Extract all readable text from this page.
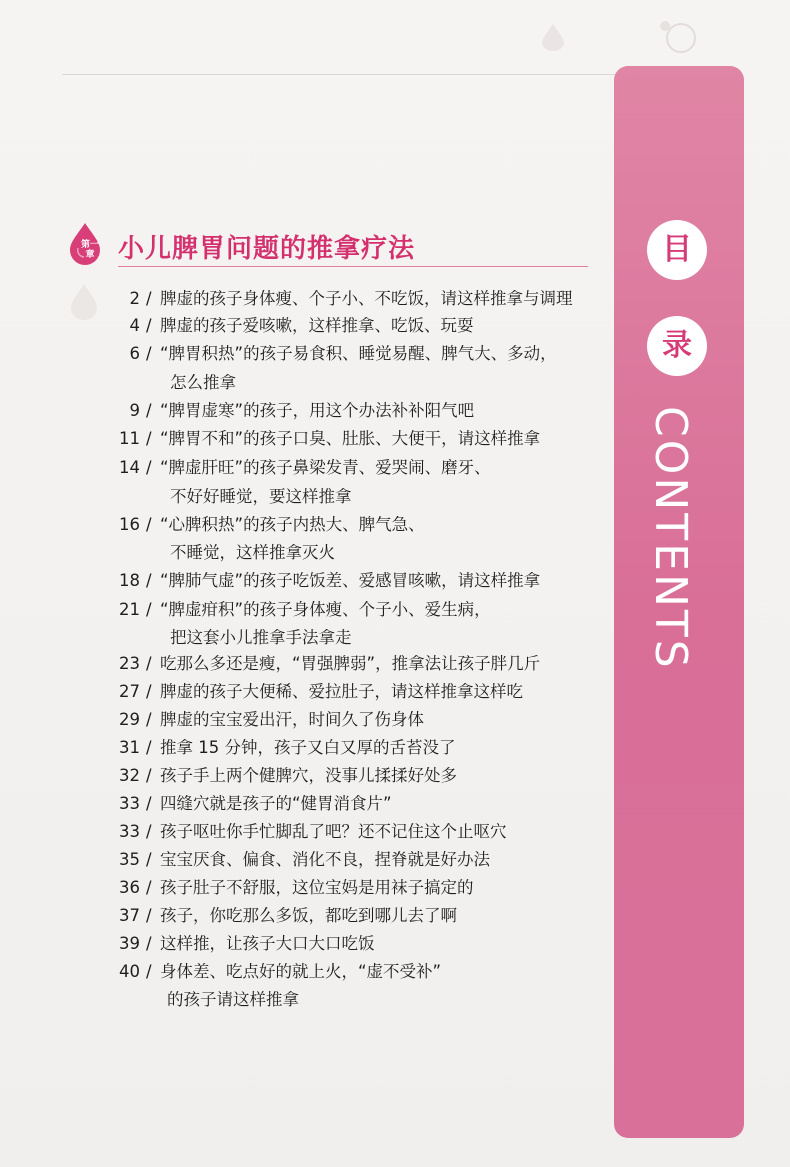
目
录
CONTENTS
第一章 小儿脾胃问题的推拿疗法
2 / 脾虚的孩子身体瘦、个子小、不吃饭，请这样推拿与调理
4 / 脾虚的孩子爱咳嗽，这样推拿、吃饭、玩耍
6 / “脾胃积热”的孩子易食积、睡觉易醒、脾气大、多动，
怎么推拿
9 / “脾胃虚寒”的孩子，用这个办法补补阳气吧
11 / “脾胃不和”的孩子口臭、肚胀、大便干，请这样推拿
14 / “脾虚肝旺”的孩子鼻梁发青、爱哭闹、磨牙、
不好好睡觉，要这样推拿
16 / “心脾积热”的孩子内热大、脾气急、
不睡觉，这样推拿灭火
18 / “脾肺气虚”的孩子吃饭差、爱感冒咳嗽，请这样推拿
21 / “脾虚疳积”的孩子身体瘦、个子小、爱生病，
把这套小儿推拿手法拿走
23 / 吃那么多还是瘦，“胃强脾弱”，推拿法让孩子胖几斤
27 / 脾虚的孩子大便稀、爱拉肚子，请这样推拿这样吃
29 / 脾虚的宝宝爱出汗，时间久了伤身体
31 / 推拿 15 分钟，孩子又白又厚的舌苔没了
32 / 孩子手上两个健脾穴，没事儿揉揉好处多
33 / 四缝穴就是孩子的“健胃消食片”
33 / 孩子呕吐你手忙脚乱了吧？还不记住这个止呕穴
35 / 宝宝厌食、偏食、消化不良，捏脊就是好办法
36 / 孩子肚子不舒服，这位宝妈是用袜子搞定的
37 / 孩子，你吃那么多饭，都吃到哪儿去了啊
39 / 这样推，让孩子大口大口吃饭
40 / 身体差、吃点好的就上火，“虚不受补”
的孩子请这样推拿
